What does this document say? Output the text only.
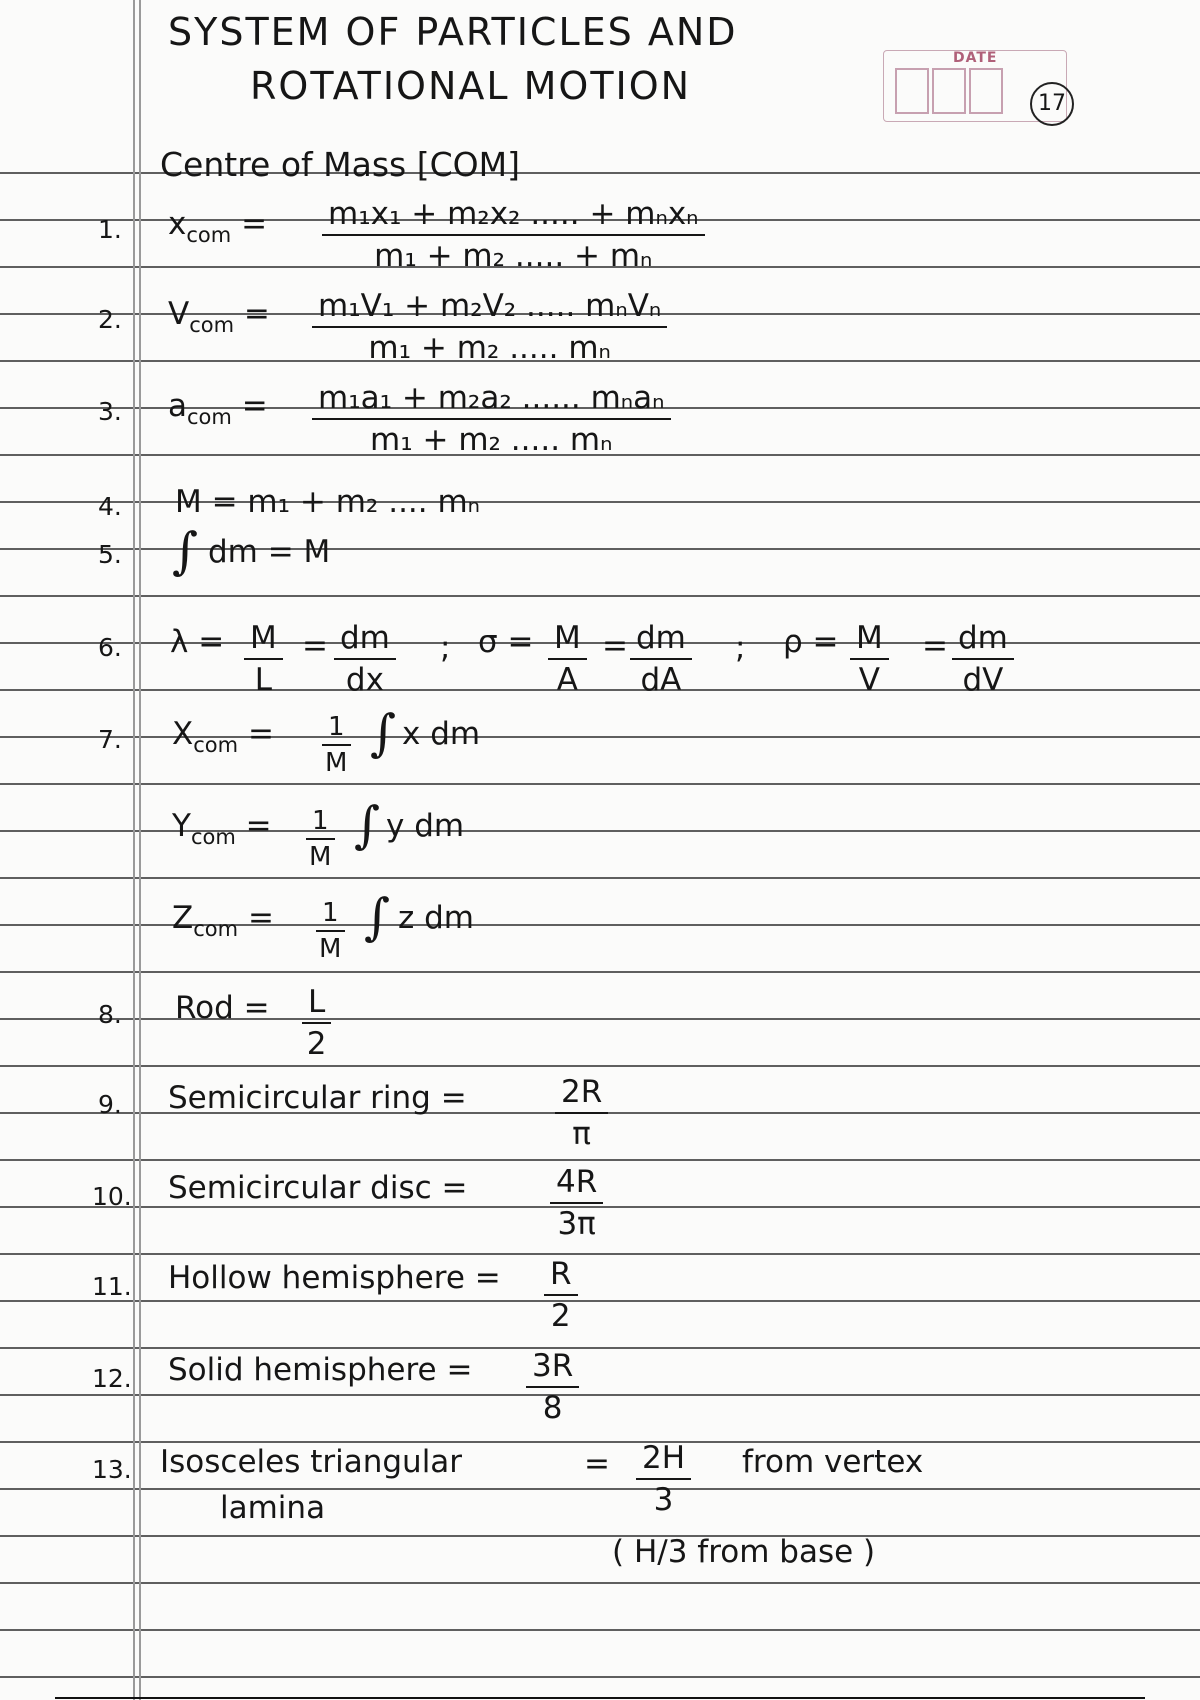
SYSTEM OF PARTICLES AND
ROTATIONAL MOTION
DATE
17
Centre of Mass [COM]
1. $x_{com} = m_1x_1 + m_2x_2$ ..... + mₙxₙ
m₁ + m₂ ..... + mₙ
2. $V_{com} = m_1V_1 + m_2V_2$ ..... mₙVₙ
m₁ + m₂ ..... mₙ
3. $a_{com} = m_1a_1 + m_2a_2$ ...... mₙaₙ
m₁ + m₂ ..... mₙ
4. M = m₁ + m₂ .... mₙ
5. ∫ dm = M
6. $\lambda = \frac{M}{L} = \frac{dm}{dx}$ ; $\sigma = \frac{M}{A} = \frac{dm}{dA}$ ; $\rho = \frac{M}{V} = \frac{dm}{dV}$
7. $X_{com} = \frac{1}{M}$ ∫ x dm
$Y_{com} = \frac{1}{M}$ ∫ y dm
$Z_{com} = \frac{1}{M}$ ∫ z dm
8. Rod = $\frac{L}{2}$
9. Semicircular ring =	$\frac{2R}{\pi}$
10. Semicircular disc =	$\frac{4R}{3\pi}$
11. Hollow hemisphere = $\frac{R}{2}$
12. Solid hemisphere = $\frac{3R}{8}$
13. Isosceles triangular
lamina
= $\frac{2H}{3}$ from vertex
( H/3 from base )
